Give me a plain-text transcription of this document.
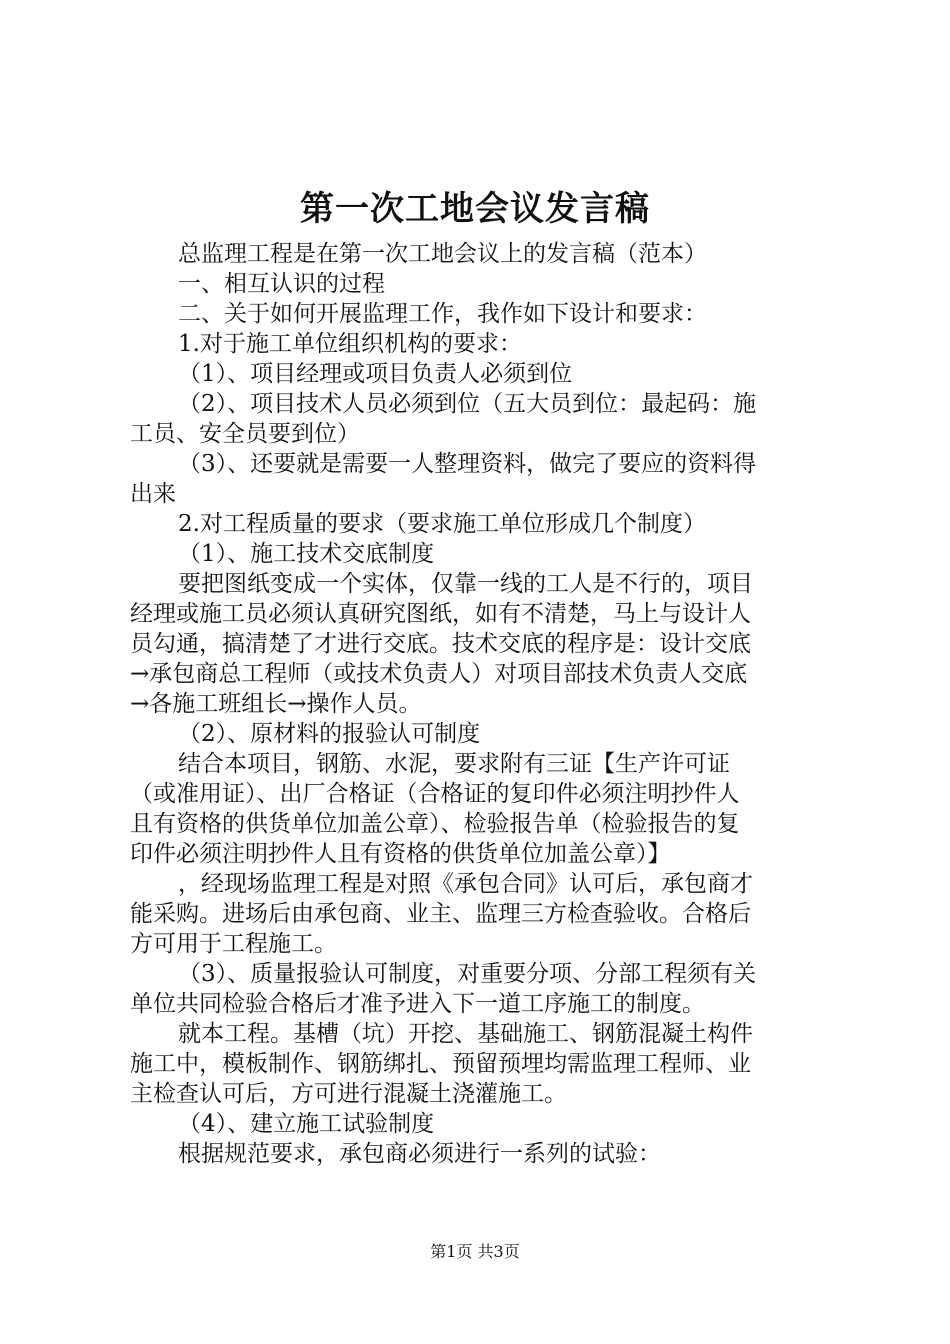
第一次工地会议发言稿

总监理工程是在第一次工地会议上的发言稿（范本）

一、相互认识的过程

二、关于如何开展监理工作，我作如下设计和要求：

1.对于施工单位组织机构的要求：

（1）、项目经理或项目负责人必须到位

（2）、项目技术人员必须到位（五大员到位：最起码：施

工员、安全员要到位）

（3）、还要就是需要一人整理资料，做完了要应的资料得

出来

2.对工程质量的要求（要求施工单位形成几个制度）

（1）、施工技术交底制度

要把图纸变成一个实体，仅靠一线的工人是不行的，项目

经理或施工员必须认真研究图纸，如有不清楚，马上与设计人

员勾通，搞清楚了才进行交底。技术交底的程序是：设计交底

→承包商总工程师（或技术负责人）对项目部技术负责人交底

→各施工班组长→操作人员。

（2）、原材料的报验认可制度

结合本项目，钢筋、水泥，要求附有三证【生产许可证

（或准用证）、出厂合格证（合格证的复印件必须注明抄件人

且有资格的供货单位加盖公章）、检验报告单（检验报告的复

印件必须注明抄件人且有资格的供货单位加盖公章）】

，经现场监理工程是对照《承包合同》认可后，承包商才

能采购。进场后由承包商、业主、监理三方检查验收。合格后

方可用于工程施工。

（3）、质量报验认可制度，对重要分项、分部工程须有关

单位共同检验合格后才准予进入下一道工序施工的制度。

就本工程。基槽（坑）开挖、基础施工、钢筋混凝土构件

施工中，模板制作、钢筋绑扎、预留预埋均需监理工程师、业

主检查认可后，方可进行混凝土浇灌施工。

（4）、建立施工试验制度

根据规范要求，承包商必须进行一系列的试验：

第1页 共3页
